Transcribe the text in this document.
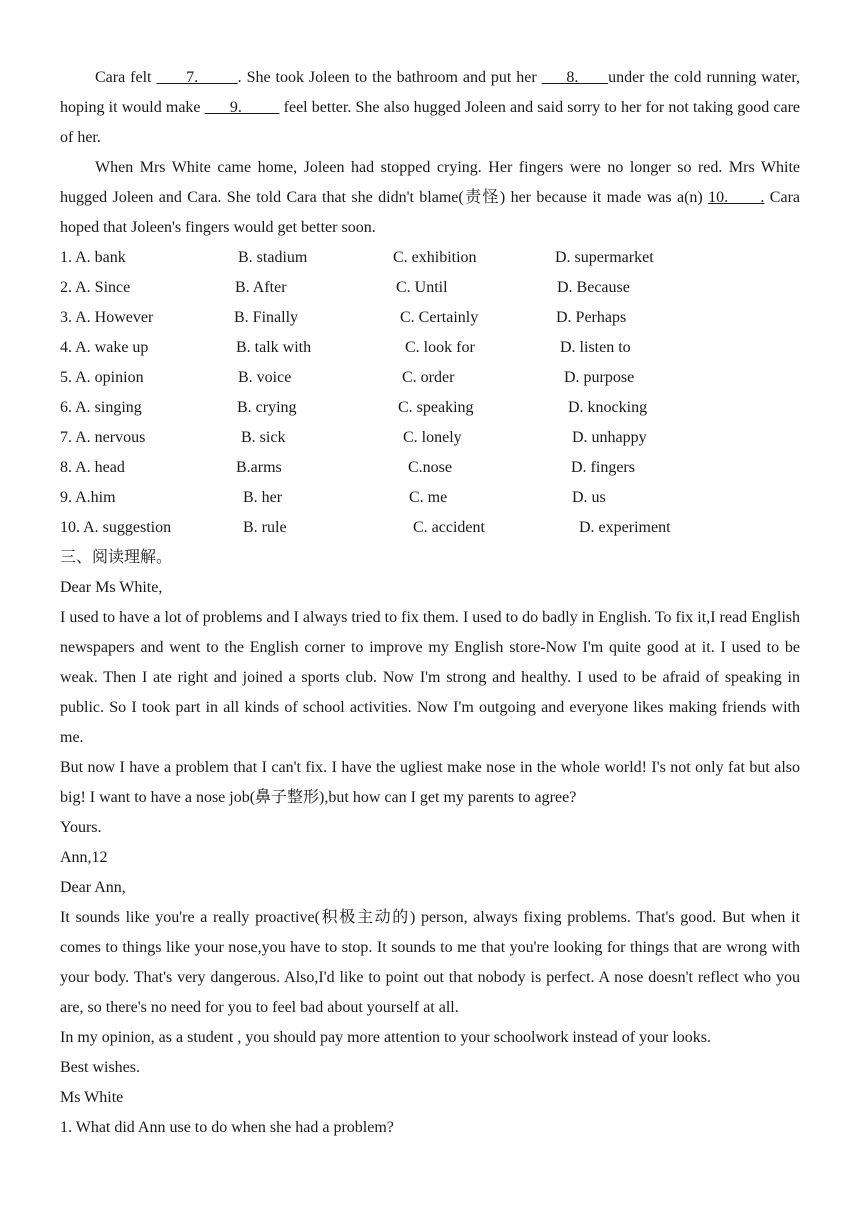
Cara felt       7.        . She took Joleen to the bathroom and put her      8.      under the cold running water, hoping it would make       9.          feel better. She also hugged Joleen and said sorry to her for not taking good care of her.

When Mrs White came home, Joleen had stopped crying. Her fingers were no longer so red. Mrs White hugged Joleen and Cara. She told Cara that she didn't blame(责怪) her because it made was a(n) 10.      . Cara hoped that Joleen's fingers would get better soon.

1. A. bank	B. stadium	C. exhibition	D. supermarket
2. A. Since	B. After	C. Until	D. Because
3. A. However	B. Finally	C. Certainly	D. Perhaps
4. A. wake up	B. talk with	C. look for	D. listen to
5. A. opinion	B. voice	C. order	D. purpose
6. A. singing	B. crying	C. speaking	D. knocking
7. A. nervous	B. sick	C. lonely	D. unhappy
8. A. head	B.arms	C.nose	D. fingers
9. A.him	B. her	C. me	D. us
10. A. suggestion	B. rule	C. accident	D. experiment

三、阅读理解。

Dear Ms White,

I used to have a lot of problems and I always tried to fix them. I used to do badly in English. To fix it,I read English newspapers and went to the English corner to improve my English store-Now I'm quite good at it. I used to be weak. Then I ate right and joined a sports club. Now I'm strong and healthy. I used to be afraid of speaking in public. So I took part in all kinds of school activities. Now I'm outgoing and everyone likes making friends with me.

But now I have a problem that I can't fix. I have the ugliest make nose in the whole world! I's not only fat but also big! I want to have a nose job(鼻子整形),but how can I get my parents to agree?

Yours.

Ann,12

Dear Ann,

It sounds like you're a really proactive(积极主动的) person, always fixing problems. That's good. But when it comes to things like your nose,you have to stop. It sounds to me that you're looking for things that are wrong with your body. That's very dangerous. Also,I'd like to point out that nobody is perfect. A nose doesn't reflect who you are, so there's no need for you to feel bad about yourself at all.

In my opinion, as a student , you should pay more attention to your schoolwork instead of your looks.

Best wishes.

Ms White

1. What did Ann use to do when she had a problem?
